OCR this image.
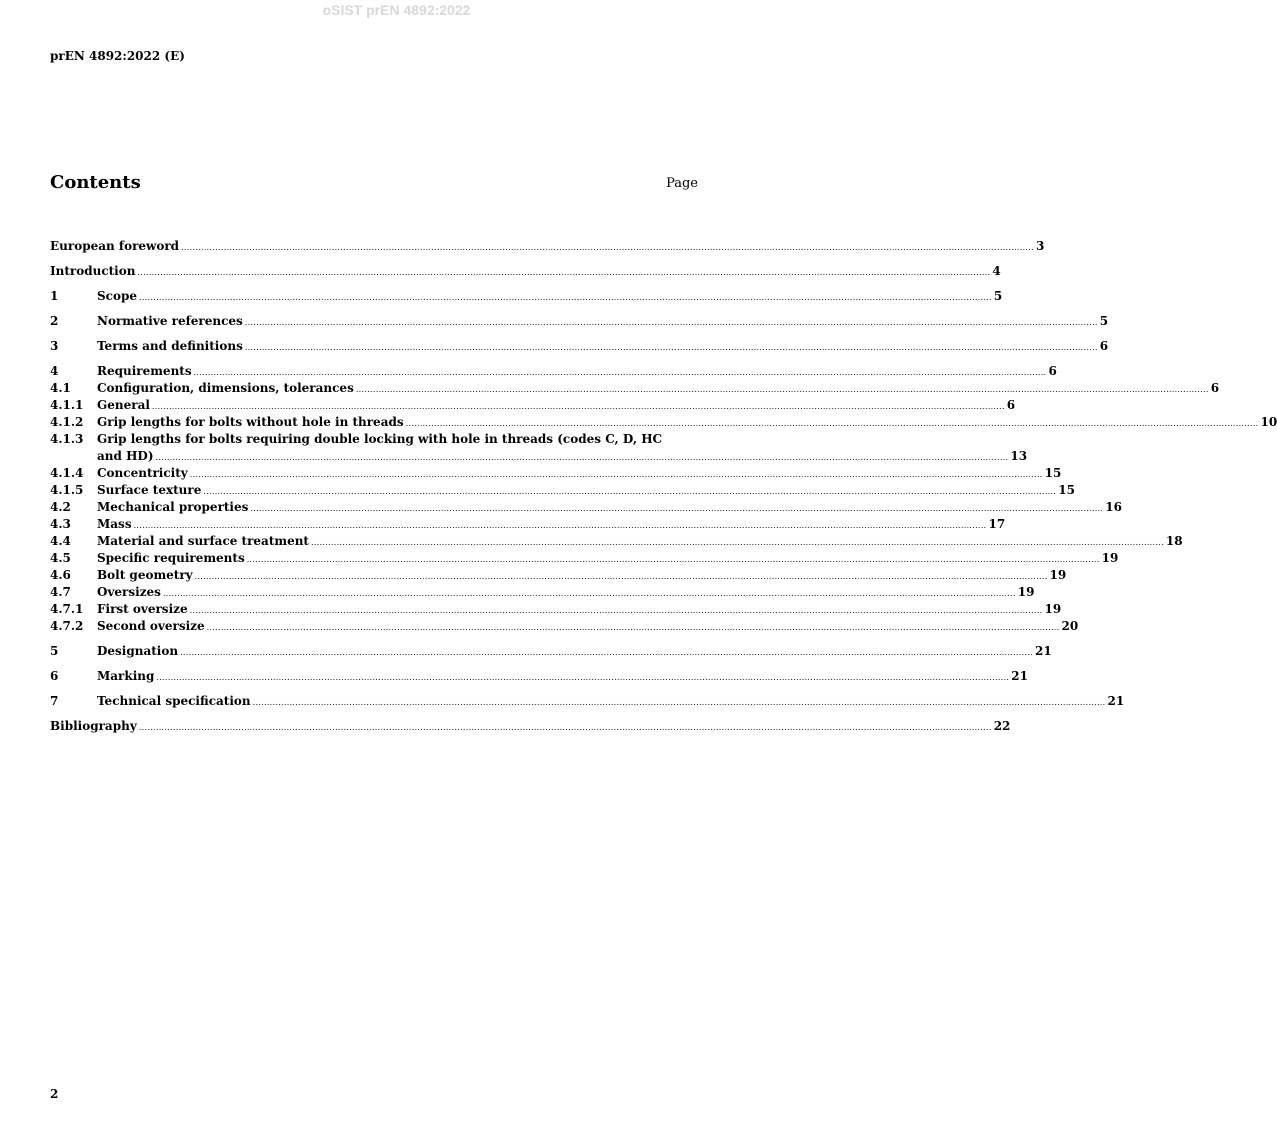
oSIST prEN 4892:2022
prEN 4892:2022 (E)
Contents	Page
European foreword ............................................................................................................................................................................................................................................................................................................ 3
Introduction ............................................................................................................................................................................................................................................................................................................ 4
1	Scope ............................................................................................................................................................................................................................................................................................................ 5
2	Normative references ............................................................................................................................................................................................................................................................................................................ 5
3	Terms and definitions ............................................................................................................................................................................................................................................................................................................ 6
4	Requirements ............................................................................................................................................................................................................................................................................................................ 6
4.1	Configuration, dimensions, tolerances ............................................................................................................................................................................................................................................................................................................ 6
4.1.1	General ............................................................................................................................................................................................................................................................................................................ 6
4.1.2	Grip lengths for bolts without hole in threads ............................................................................................................................................................................................................................................................................................................ 10
4.1.3	Grip lengths for bolts requiring double locking with hole in threads (codes C, D, HC
and HD) ............................................................................................................................................................................................................................................................................................................ 13
4.1.4	Concentricity ............................................................................................................................................................................................................................................................................................................ 15
4.1.5	Surface texture ............................................................................................................................................................................................................................................................................................................ 15
4.2	Mechanical properties ............................................................................................................................................................................................................................................................................................................ 16
4.3	Mass ............................................................................................................................................................................................................................................................................................................ 17
4.4	Material and surface treatment ............................................................................................................................................................................................................................................................................................................ 18
4.5	Specific requirements ............................................................................................................................................................................................................................................................................................................ 19
4.6	Bolt geometry ............................................................................................................................................................................................................................................................................................................ 19
4.7	Oversizes ............................................................................................................................................................................................................................................................................................................ 19
4.7.1	First oversize ............................................................................................................................................................................................................................................................................................................ 19
4.7.2	Second oversize ............................................................................................................................................................................................................................................................................................................ 20
5	Designation ............................................................................................................................................................................................................................................................................................................ 21
6	Marking ............................................................................................................................................................................................................................................................................................................ 21
7	Technical specification ............................................................................................................................................................................................................................................................................................................ 21
Bibliography ............................................................................................................................................................................................................................................................................................................ 22
2
